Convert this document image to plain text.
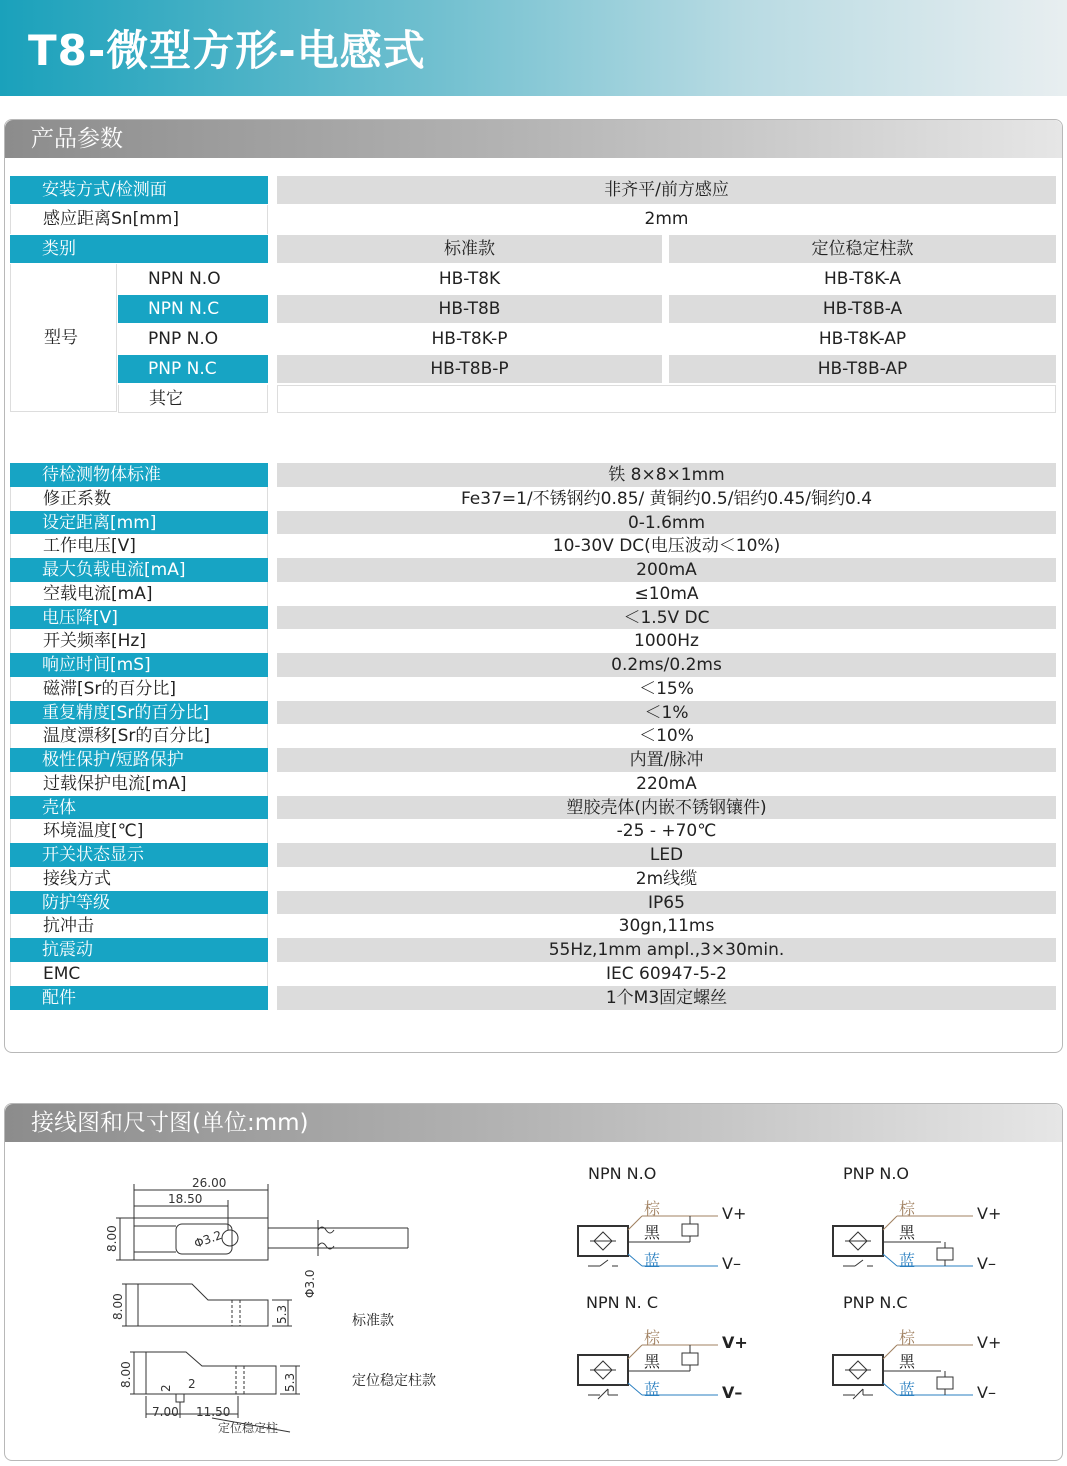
T8-微型方形-电感式
产品参数
安装方式/检测面	非齐平/前方感应
感应距离Sn[mm]	2mm
类别	标准款	定位稳定柱款
型号
NPN N.O	HB-T8K	HB-T8K-A
NPN N.C	HB-T8B	HB-T8B-A
PNP N.O	HB-T8K-P	HB-T8K-AP
PNP N.C	HB-T8B-P	HB-T8B-AP
其它
待检测物体标准	铁 8×8×1mm
修正系数	Fe37=1/不锈钢约0.85/ 黄铜约0.5/铝约0.45/铜约0.4
设定距离[mm]	0-1.6mm
工作电压[V]	10-30V DC(电压波动＜10%)
最大负载电流[mA]	200mA
空载电流[mA]	≤10mA
电压降[V]	＜1.5V DC
开关频率[Hz]	1000Hz
响应时间[mS]	0.2ms/0.2ms
磁滞[Sr的百分比]	＜15%
重复精度[Sr的百分比]	＜1%
温度漂移[Sr的百分比]	＜10%
极性保护/短路保护	内置/脉冲
过载保护电流[mA]	220mA
壳体	塑胶壳体(内嵌不锈钢镶件)
环境温度[℃]	-25 - +70℃
开关状态显示	LED
接线方式	2m线缆
防护等级	IP65
抗冲击	30gn,11ms
抗震动	55Hz,1mm ampl.,3×30min.
EMC	IEC 60947-5-2
配件	1个M3固定螺丝
接线图和尺寸图(单位:mm)
26.00
18.50
8.00	Φ3.2
Φ3.0
8.00	5.3
8.00	5.3
2 2
7.00 11.50
定位稳定柱
标准款
定位稳定柱款
NPN N.O
棕
黑
蓝
V+
V–
PNP N.O
棕
黑
蓝
V+
V–
NPN N. C
棕
黑
蓝
V+
V–
PNP N.C
棕
黑
蓝
V+
V–
